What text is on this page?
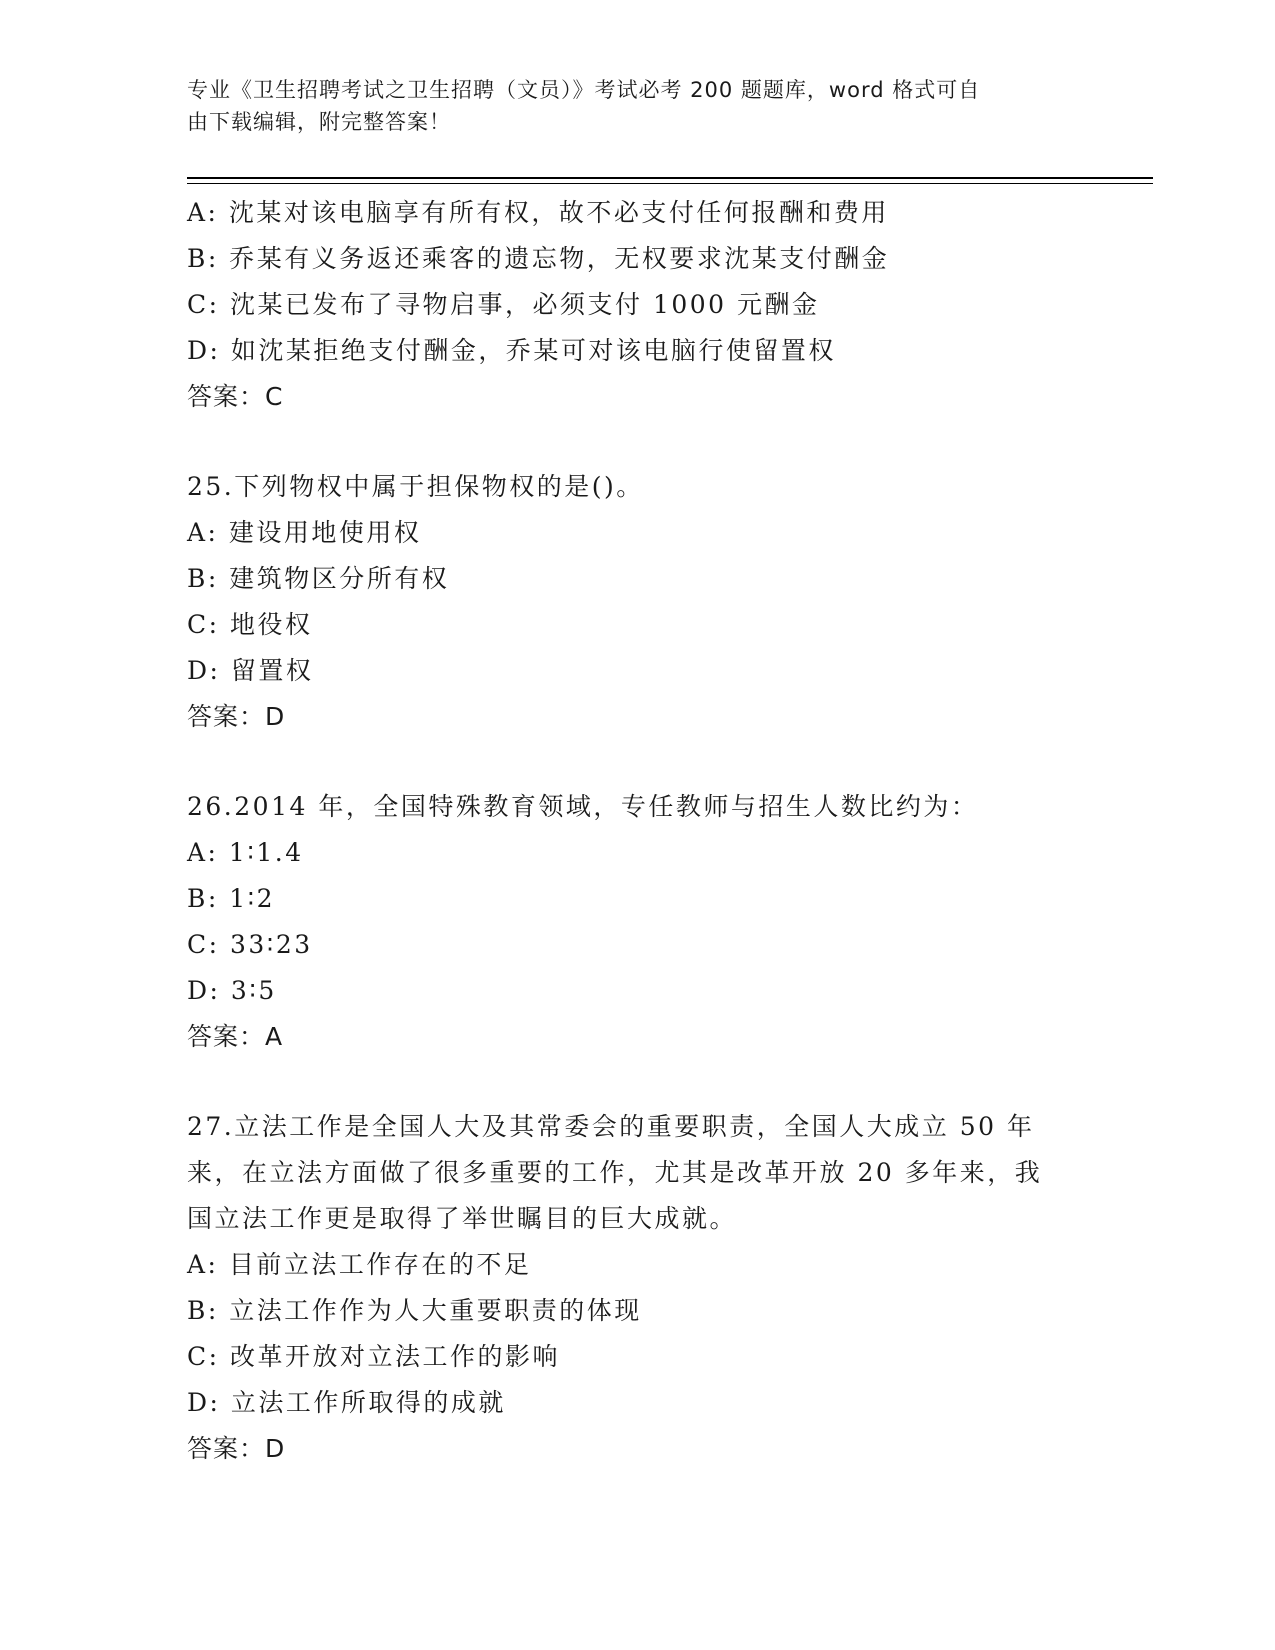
专业《卫生招聘考试之卫生招聘（文员）》考试必考 200 题题库，word 格式可自
由下载编辑，附完整答案！
A: 沈某对该电脑享有所有权，故不必支付任何报酬和费用
B: 乔某有义务返还乘客的遗忘物，无权要求沈某支付酬金
C: 沈某已发布了寻物启事，必须支付 1000 元酬金
D: 如沈某拒绝支付酬金，乔某可对该电脑行使留置权
答案：C
25.下列物权中属于担保物权的是()。
A: 建设用地使用权
B: 建筑物区分所有权
C: 地役权
D: 留置权
答案：D
26.2014 年，全国特殊教育领域，专任教师与招生人数比约为：
A: 1∶1.4
B: 1∶2
C: 33∶23
D: 3∶5
答案：A
27.立法工作是全国人大及其常委会的重要职责，全国人大成立 50 年
来，在立法方面做了很多重要的工作，尤其是改革开放 20 多年来，我
国立法工作更是取得了举世瞩目的巨大成就。
A: 目前立法工作存在的不足
B: 立法工作作为人大重要职责的体现
C: 改革开放对立法工作的影响
D: 立法工作所取得的成就
答案：D
